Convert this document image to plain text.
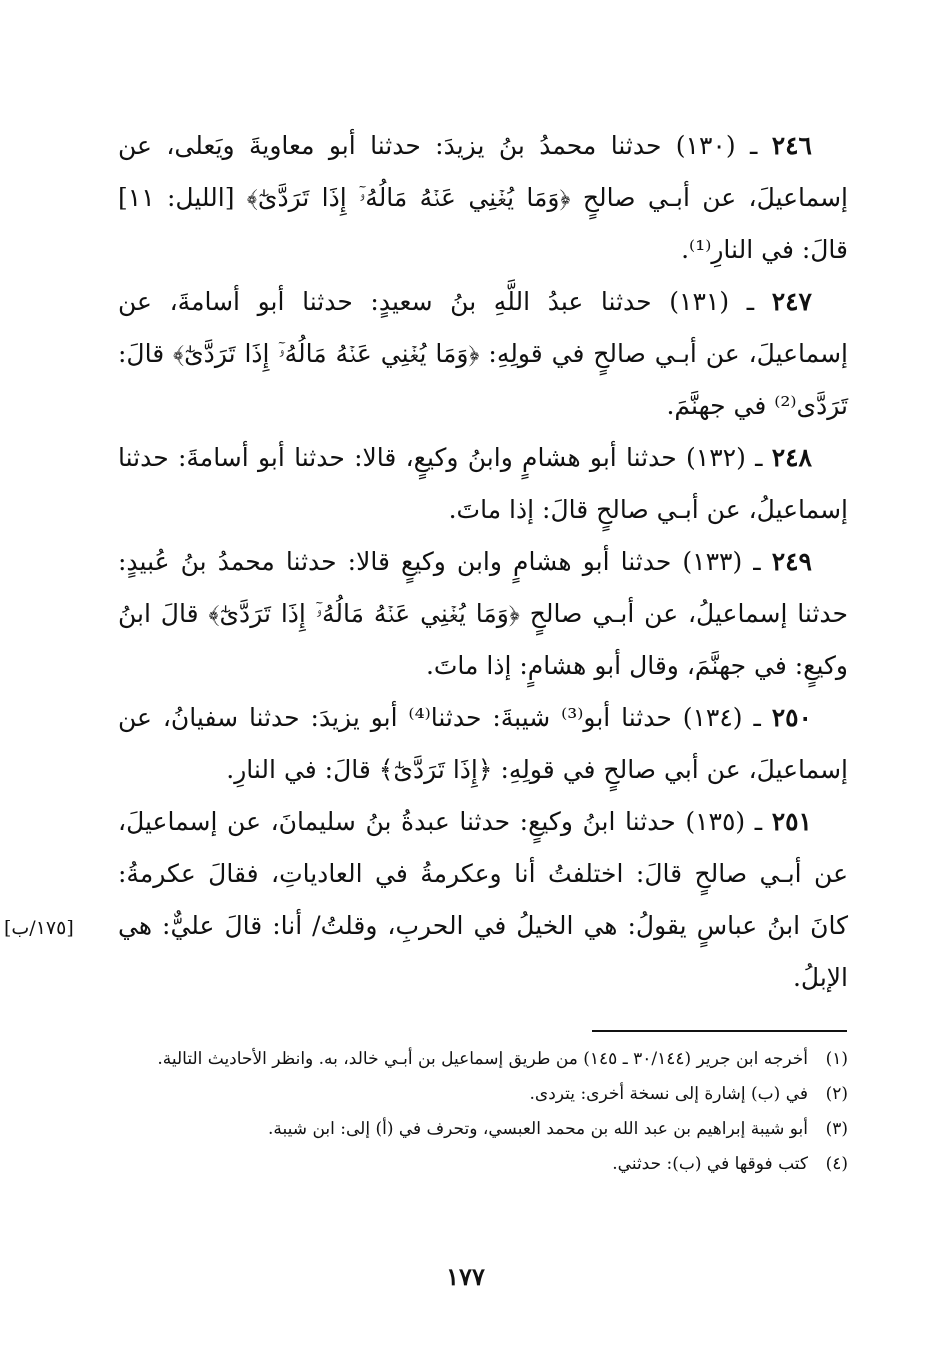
٢٤٦ ـ (١٣٠) حدثنا محمدُ بنُ يزيدَ: حدثنا أبو معاويةَ ويَعلى، عن إسماعيلَ، عن أبـي صالحٍ ﴿وَمَا يُغۡنِي عَنۡهُ مَالُهُۥٓ إِذَا تَرَدَّىٰٓ﴾ [الليل: ١١] قالَ: في النارِ⁽¹⁾.

٢٤٧ ـ (١٣١) حدثنا عبدُ اللَّهِ بنُ سعيدٍ: حدثنا أبو أسامةَ، عن إسماعيلَ، عن أبـي صالحٍ في قولِهِ: ﴿وَمَا يُغۡنِي عَنۡهُ مَالُهُۥٓ إِذَا تَرَدَّىٰٓ﴾ قالَ: تَرَدَّى⁽²⁾ في جهنَّمَ.

٢٤٨ ـ (١٣٢) حدثنا أبو هشامٍ وابنُ وكيعٍ، قالا: حدثنا أبو أسامةَ: حدثنا إسماعيلُ، عن أبـي صالحٍ قالَ: إذا ماتَ.

٢٤٩ ـ (١٣٣) حدثنا أبو هشامٍ وابن وكيعٍ قالا: حدثنا محمدُ بنُ عُبيدٍ: حدثنا إسماعيلُ، عن أبـي صالحٍ ﴿وَمَا يُغۡنِي عَنۡهُ مَالُهُۥٓ إِذَا تَرَدَّىٰٓ﴾ قالَ ابنُ وكيعٍ: في جهنَّمَ، وقال أبو هشامٍ: إذا ماتَ.

٢٥٠ ـ (١٣٤) حدثنا أبو⁽³⁾ شيبةَ: حدثنا⁽⁴⁾ أبو يزيدَ: حدثنا سفيانُ، عن إسماعيلَ، عن أبي صالحٍ في قولِهِ: ﴿إِذَا تَرَدَّىٰٓ﴾ قالَ: في النارِ.

٢٥١ ـ (١٣٥) حدثنا ابنُ وكيعٍ: حدثنا عبدةُ بنُ سليمانَ، عن إسماعيلَ، عن أبـي صالحٍ قالَ: اختلفتُ أنا وعكرمةُ في العادياتِ، فقالَ عكرمةُ: كانَ ابنُ عباسٍ يقولُ: هي الخيلُ في الحربِ، وقلتُ/ أنا: قالَ عليٌّ: هي الإبلُ.

[١٧٥/ب]
(١)
أخرجه ابن جرير (٣٠/١٤٤ ـ ١٤٥) من طريق إسماعيل بن أبـي خالد، به. وانظر الأحاديث التالية.
(٢)
في (ب) إشارة إلى نسخة أخرى: يتردى.
(٣)
أبو شيبة إبراهيم بن عبد الله بن محمد العبسي، وتحرف في (أ) إلى: ابن شيبة.
(٤)
كتب فوقها في (ب): حدثني.
١٧٧
